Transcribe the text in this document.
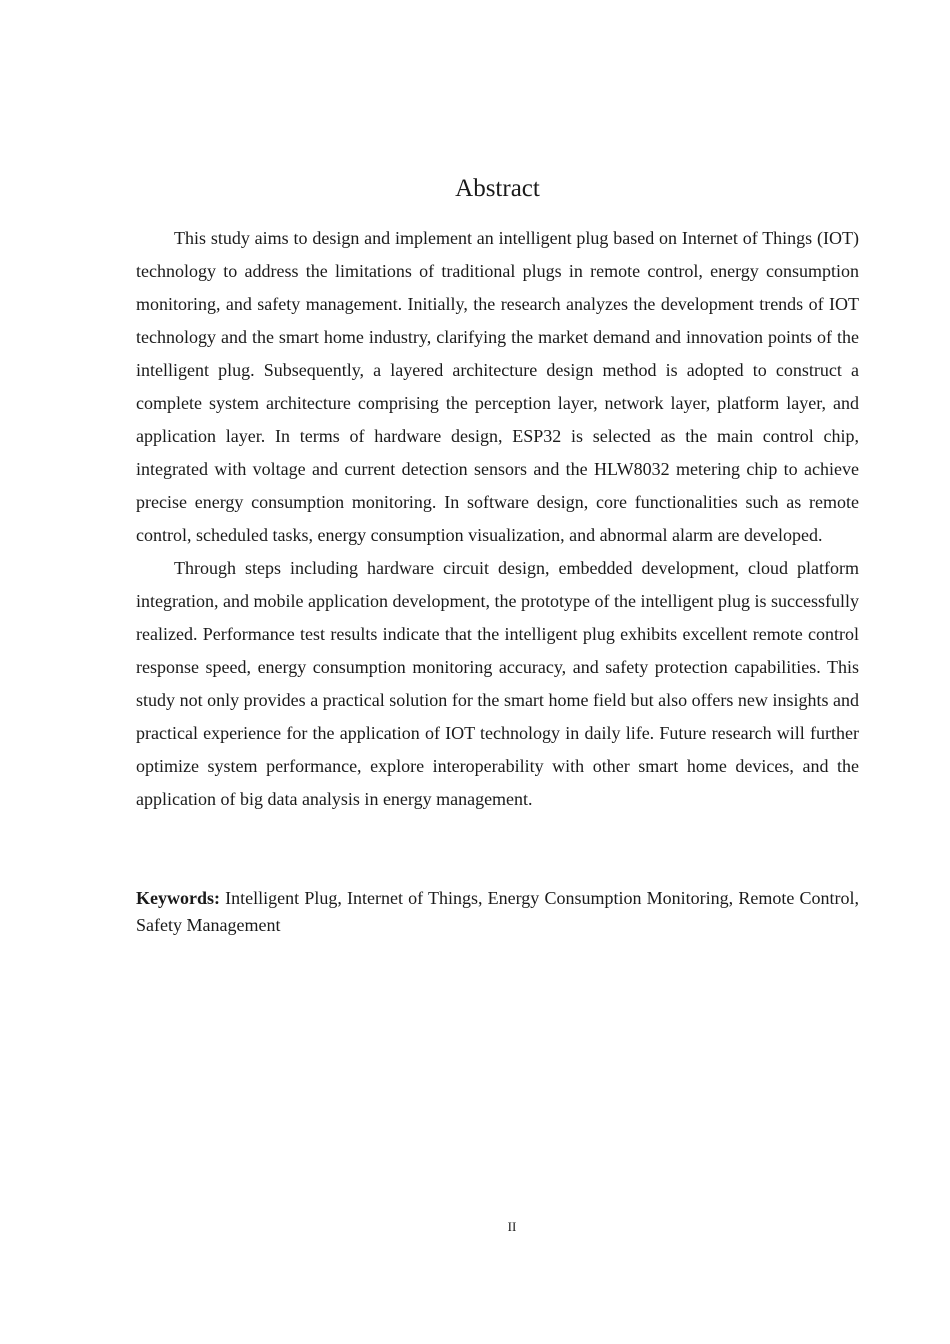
Abstract

This study aims to design and implement an intelligent plug based on Internet of Things (IOT) technology to address the limitations of traditional plugs in remote control, energy consumption monitoring, and safety management. Initially, the research analyzes the development trends of IOT technology and the smart home industry, clarifying the market demand and innovation points of the intelligent plug. Subsequently, a layered architecture design method is adopted to construct a complete system architecture comprising the perception layer, network layer, platform layer, and application layer. In terms of hardware design, ESP32 is selected as the main control chip, integrated with voltage and current detection sensors and the HLW8032 metering chip to achieve precise energy consumption monitoring. In software design, core functionalities such as remote control, scheduled tasks, energy consumption visualization, and abnormal alarm are developed.

Through steps including hardware circuit design, embedded development, cloud platform integration, and mobile application development, the prototype of the intelligent plug is successfully realized. Performance test results indicate that the intelligent plug exhibits excellent remote control response speed, energy consumption monitoring accuracy, and safety protection capabilities. This study not only provides a practical solution for the smart home field but also offers new insights and practical experience for the application of IOT technology in daily life. Future research will further optimize system performance, explore interoperability with other smart home devices, and the application of big data analysis in energy management.

Keywords: Intelligent Plug, Internet of Things, Energy Consumption Monitoring, Remote Control, Safety Management

II
